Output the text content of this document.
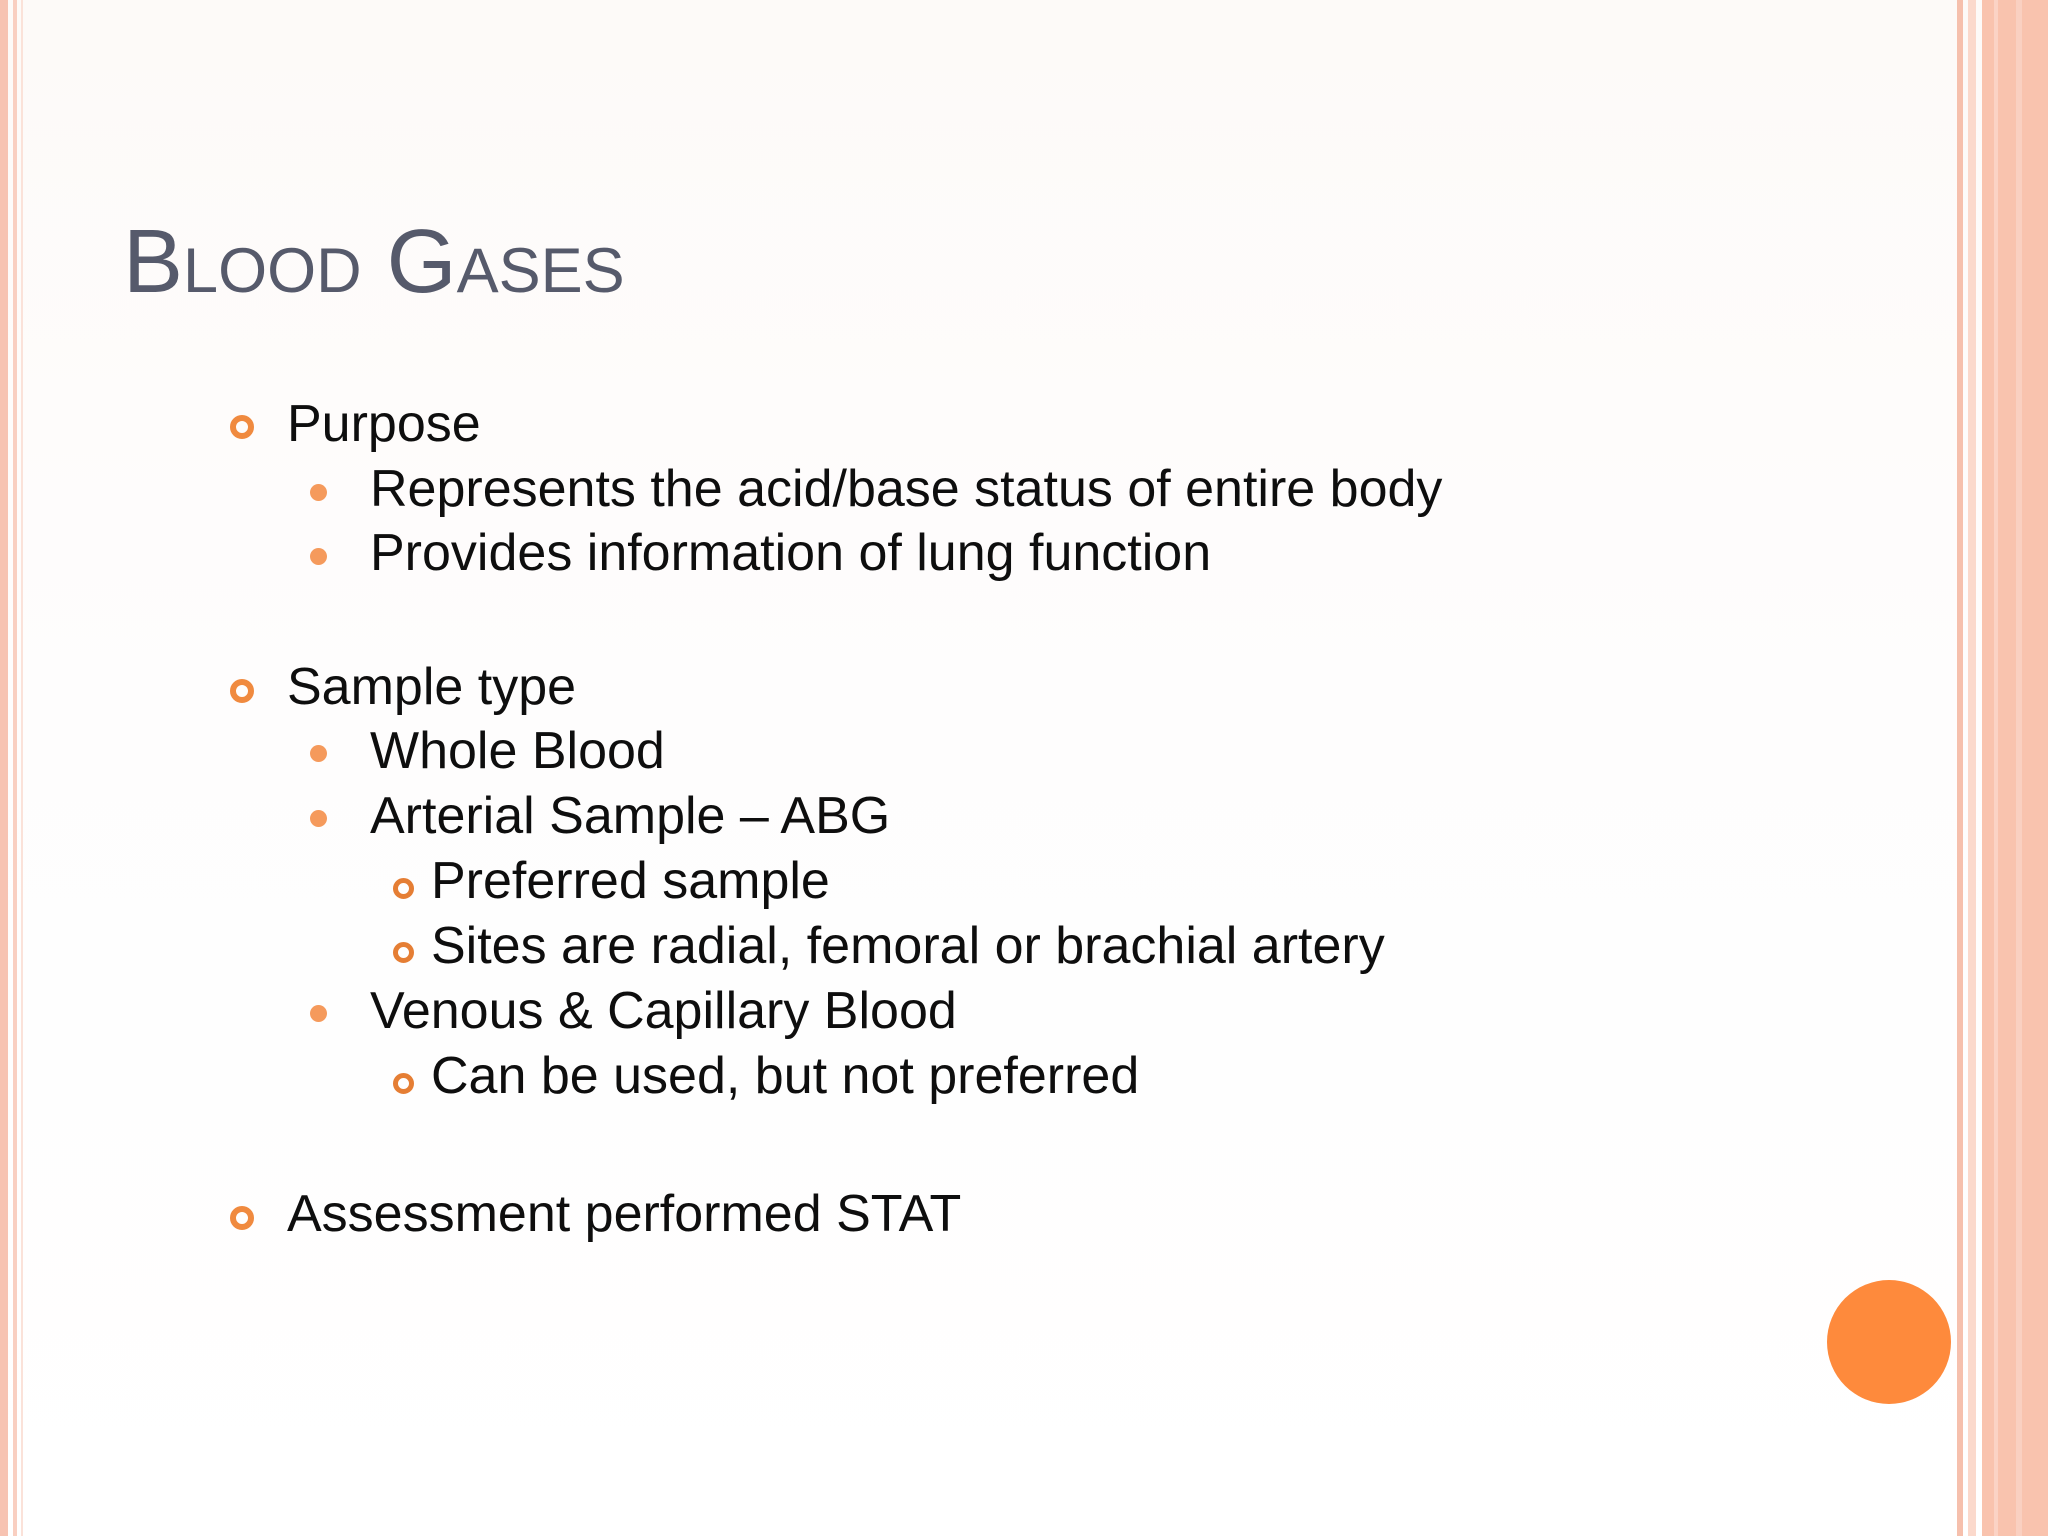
Blood Gases
Purpose
Represents the acid/base status of entire body
Provides information of lung function
Sample type
Whole Blood
Arterial Sample – ABG
Preferred sample
Sites are radial, femoral or brachial artery
Venous & Capillary Blood
Can be used, but not preferred
Assessment performed STAT
